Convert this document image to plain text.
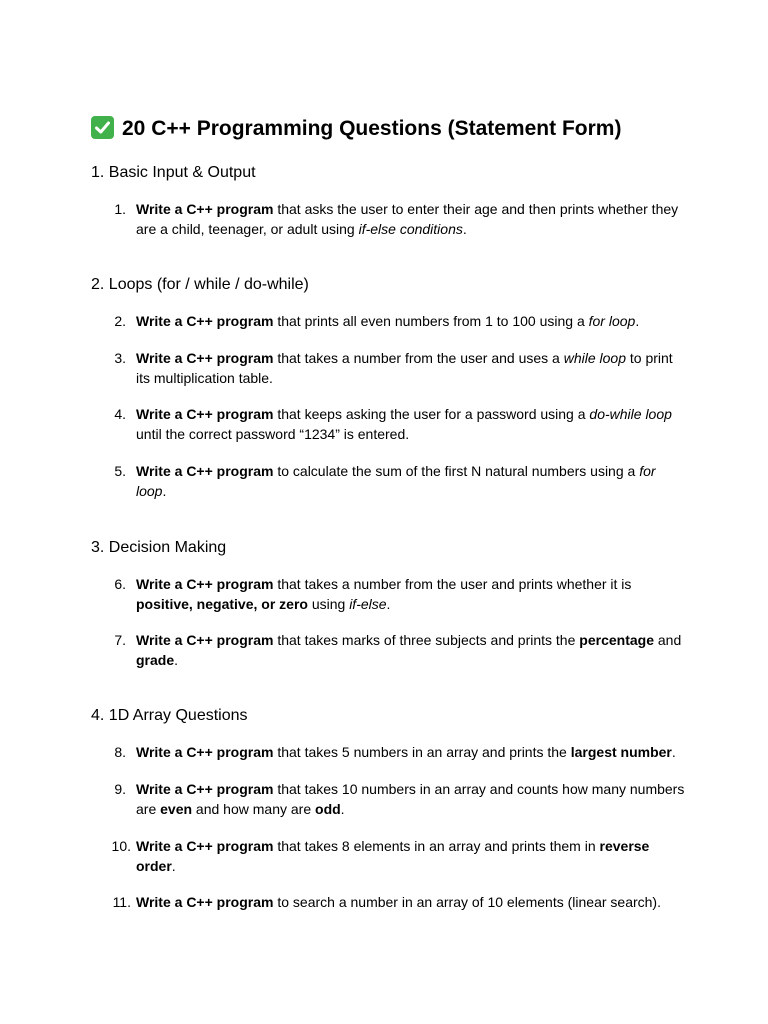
20 C++ Programming Questions (Statement Form)
1. Basic Input & Output
1. Write a C++ program that asks the user to enter their age and then prints whether they are a child, teenager, or adult using if-else conditions.
2. Loops (for / while / do-while)
2. Write a C++ program that prints all even numbers from 1 to 100 using a for loop.
3. Write a C++ program that takes a number from the user and uses a while loop to print its multiplication table.
4. Write a C++ program that keeps asking the user for a password using a do-while loop until the correct password “1234” is entered.
5. Write a C++ program to calculate the sum of the first N natural numbers using a for loop.
3. Decision Making
6. Write a C++ program that takes a number from the user and prints whether it is positive, negative, or zero using if-else.
7. Write a C++ program that takes marks of three subjects and prints the percentage and grade.
4. 1D Array Questions
8. Write a C++ program that takes 5 numbers in an array and prints the largest number.
9. Write a C++ program that takes 10 numbers in an array and counts how many numbers are even and how many are odd.
10. Write a C++ program that takes 8 elements in an array and prints them in reverse order.
11. Write a C++ program to search a number in an array of 10 elements (linear search).
